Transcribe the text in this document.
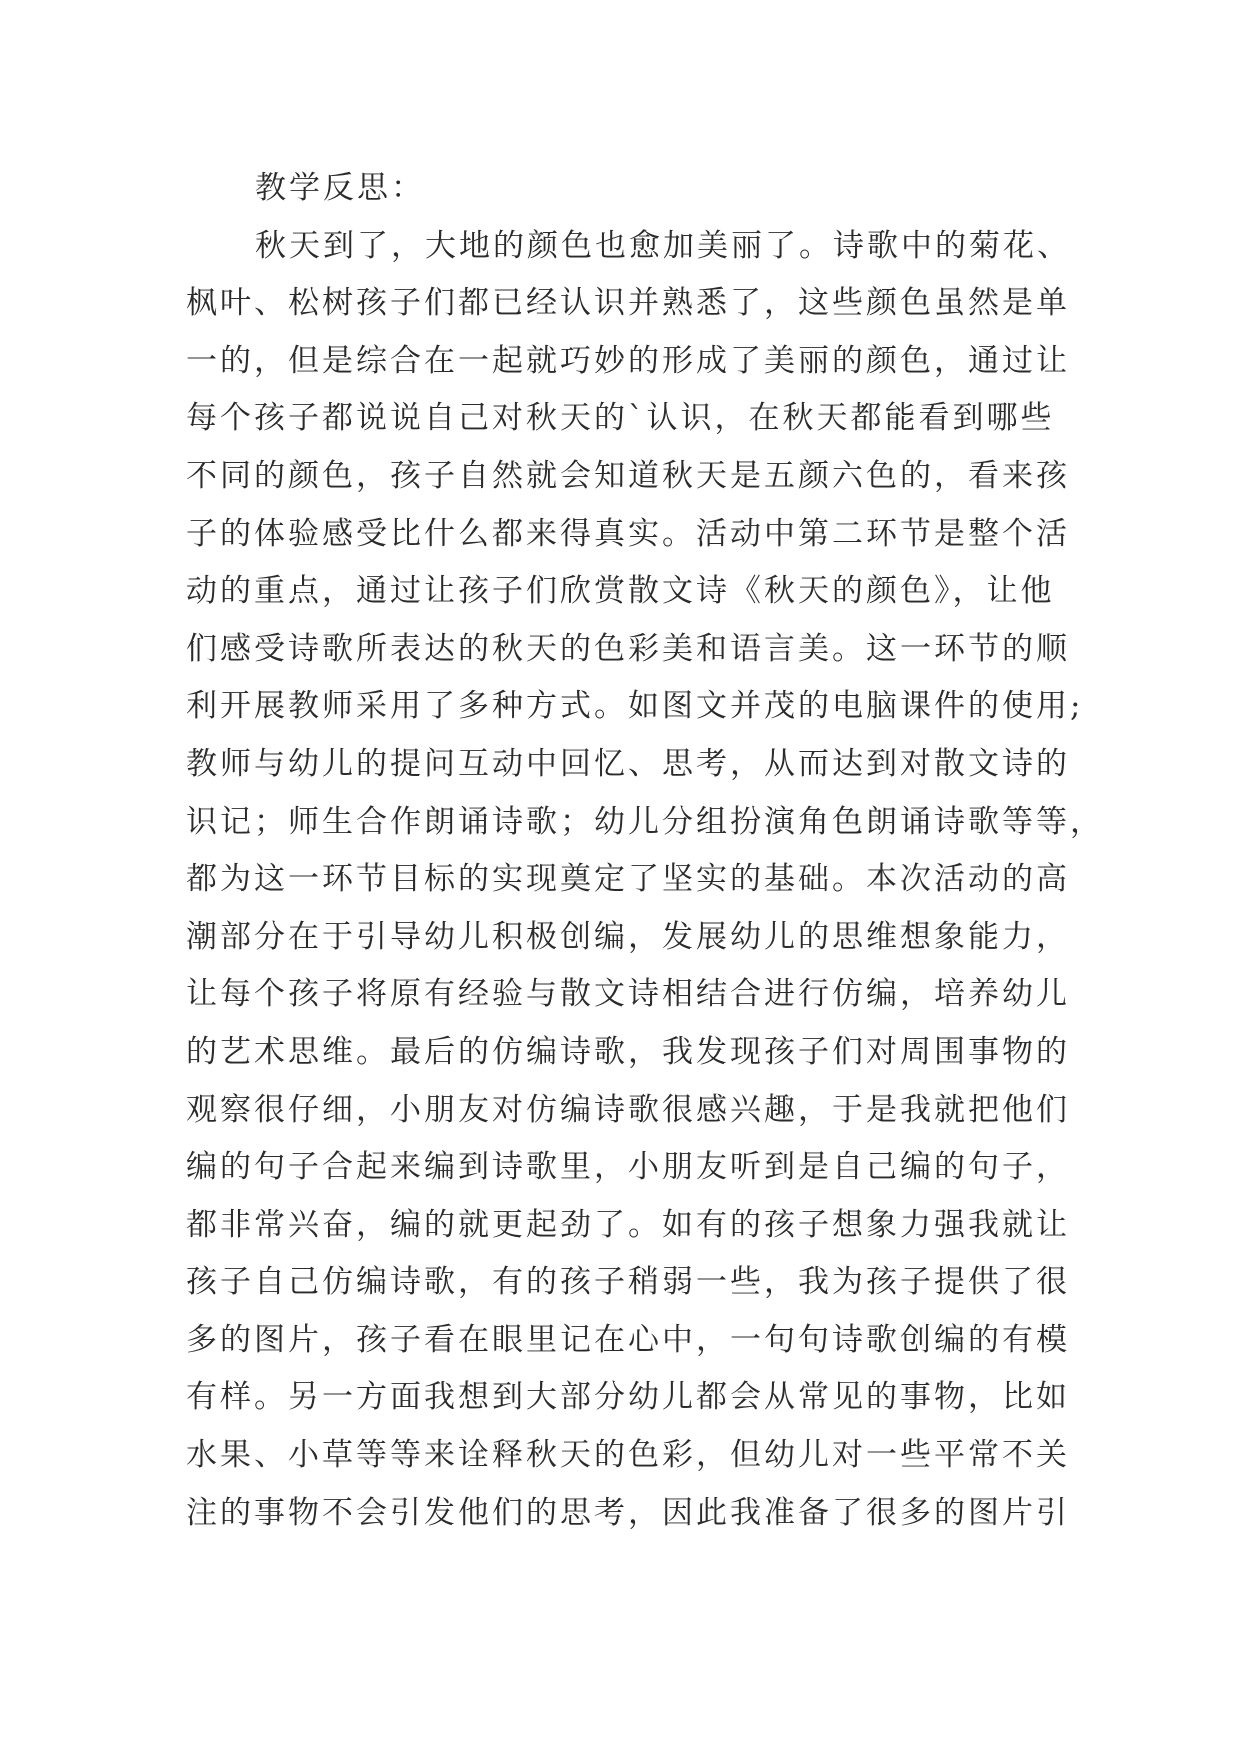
教学反思：
秋天到了，大地的颜色也愈加美丽了。诗歌中的菊花、
枫叶、松树孩子们都已经认识并熟悉了，这些颜色虽然是单
一的，但是综合在一起就巧妙的形成了美丽的颜色，通过让
每个孩子都说说自己对秋天的`认识，在秋天都能看到哪些
不同的颜色，孩子自然就会知道秋天是五颜六色的，看来孩
子的体验感受比什么都来得真实。活动中第二环节是整个活
动的重点，通过让孩子们欣赏散文诗《秋天的颜色》，让他
们感受诗歌所表达的秋天的色彩美和语言美。这一环节的顺
利开展教师采用了多种方式。如图文并茂的电脑课件的使用;
教师与幼儿的提问互动中回忆、思考，从而达到对散文诗的
识记；师生合作朗诵诗歌；幼儿分组扮演角色朗诵诗歌等等，
都为这一环节目标的实现奠定了坚实的基础。本次活动的高
潮部分在于引导幼儿积极创编，发展幼儿的思维想象能力，
让每个孩子将原有经验与散文诗相结合进行仿编，培养幼儿
的艺术思维。最后的仿编诗歌，我发现孩子们对周围事物的
观察很仔细，小朋友对仿编诗歌很感兴趣，于是我就把他们
编的句子合起来编到诗歌里，小朋友听到是自己编的句子，
都非常兴奋，编的就更起劲了。如有的孩子想象力强我就让
孩子自己仿编诗歌，有的孩子稍弱一些，我为孩子提供了很
多的图片，孩子看在眼里记在心中，一句句诗歌创编的有模
有样。另一方面我想到大部分幼儿都会从常见的事物，比如
水果、小草等等来诠释秋天的色彩，但幼儿对一些平常不关
注的事物不会引发他们的思考，因此我准备了很多的图片引
